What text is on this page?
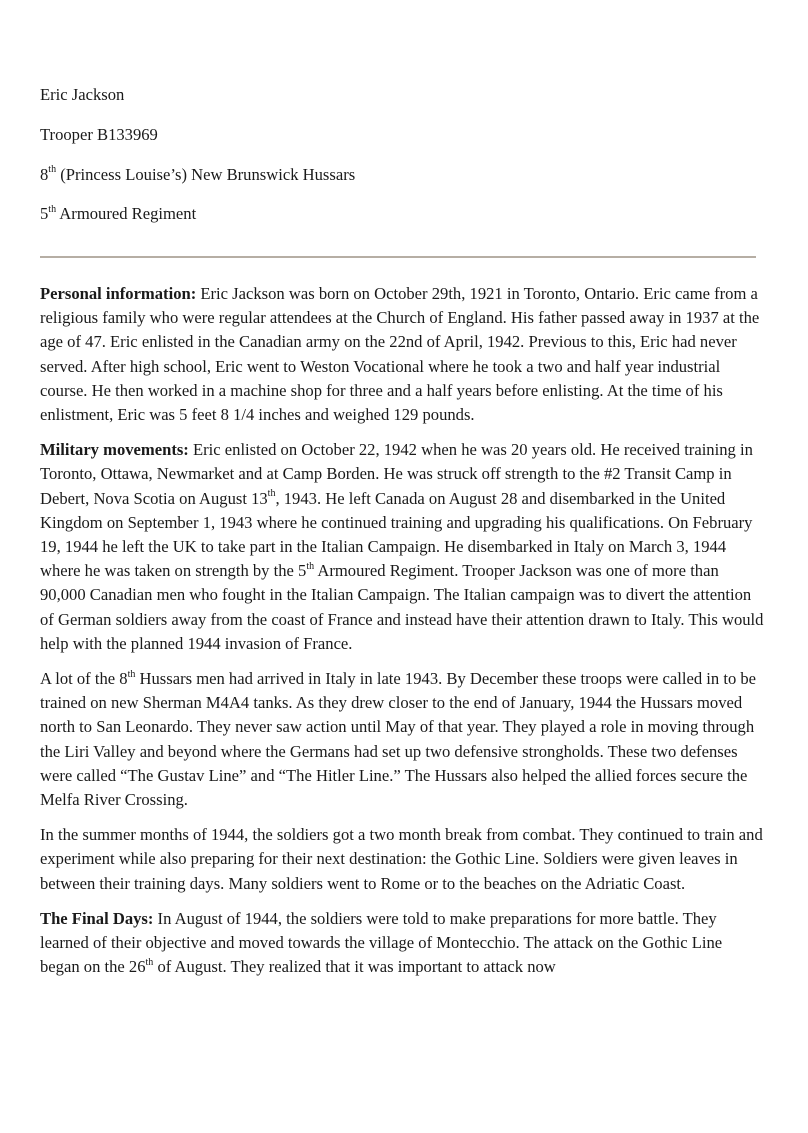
Eric Jackson

Trooper B133969

8th (Princess Louise’s) New Brunswick Hussars

5th Armoured Regiment

Personal information: Eric Jackson was born on October 29th, 1921 in Toronto, Ontario. Eric came from a religious family who were regular attendees at the Church of England. His father passed away in 1937 at the age of 47. Eric enlisted in the Canadian army on the 22nd of April, 1942. Previous to this, Eric had never served. After high school, Eric went to Weston Vocational where he took a two and half year industrial course. He then worked in a machine shop for three and a half years before enlisting. At the time of his enlistment, Eric was 5 feet 8 1/4 inches and weighed 129 pounds.

Military movements: Eric enlisted on October 22, 1942 when he was 20 years old. He received training in Toronto, Ottawa, Newmarket and at Camp Borden. He was struck off strength to the #2 Transit Camp in Debert, Nova Scotia on August 13th, 1943. He left Canada on August 28 and disembarked in the United Kingdom on September 1, 1943 where he continued training and upgrading his qualifications. On February 19, 1944 he left the UK to take part in the Italian Campaign. He disembarked in Italy on March 3, 1944 where he was taken on strength by the 5th Armoured Regiment. Trooper Jackson was one of more than 90,000 Canadian men who fought in the Italian Campaign. The Italian campaign was to divert the attention of German soldiers away from the coast of France and instead have their attention drawn to Italy. This would help with the planned 1944 invasion of France.

A lot of the 8th Hussars men had arrived in Italy in late 1943. By December these troops were called in to be trained on new Sherman M4A4 tanks. As they drew closer to the end of January, 1944 the Hussars moved north to San Leonardo. They never saw action until May of that year. They played a role in moving through the Liri Valley and beyond where the Germans had set up two defensive strongholds. These two defenses were called “The Gustav Line” and “The Hitler Line.” The Hussars also helped the allied forces secure the Melfa River Crossing.

In the summer months of 1944, the soldiers got a two month break from combat. They continued to train and experiment while also preparing for their next destination: the Gothic Line. Soldiers were given leaves in between their training days. Many soldiers went to Rome or to the beaches on the Adriatic Coast.

The Final Days: In August of 1944, the soldiers were told to make preparations for more battle. They learned of their objective and moved towards the village of Montecchio. The attack on the Gothic Line began on the 26th of August. They realized that it was important to attack now
